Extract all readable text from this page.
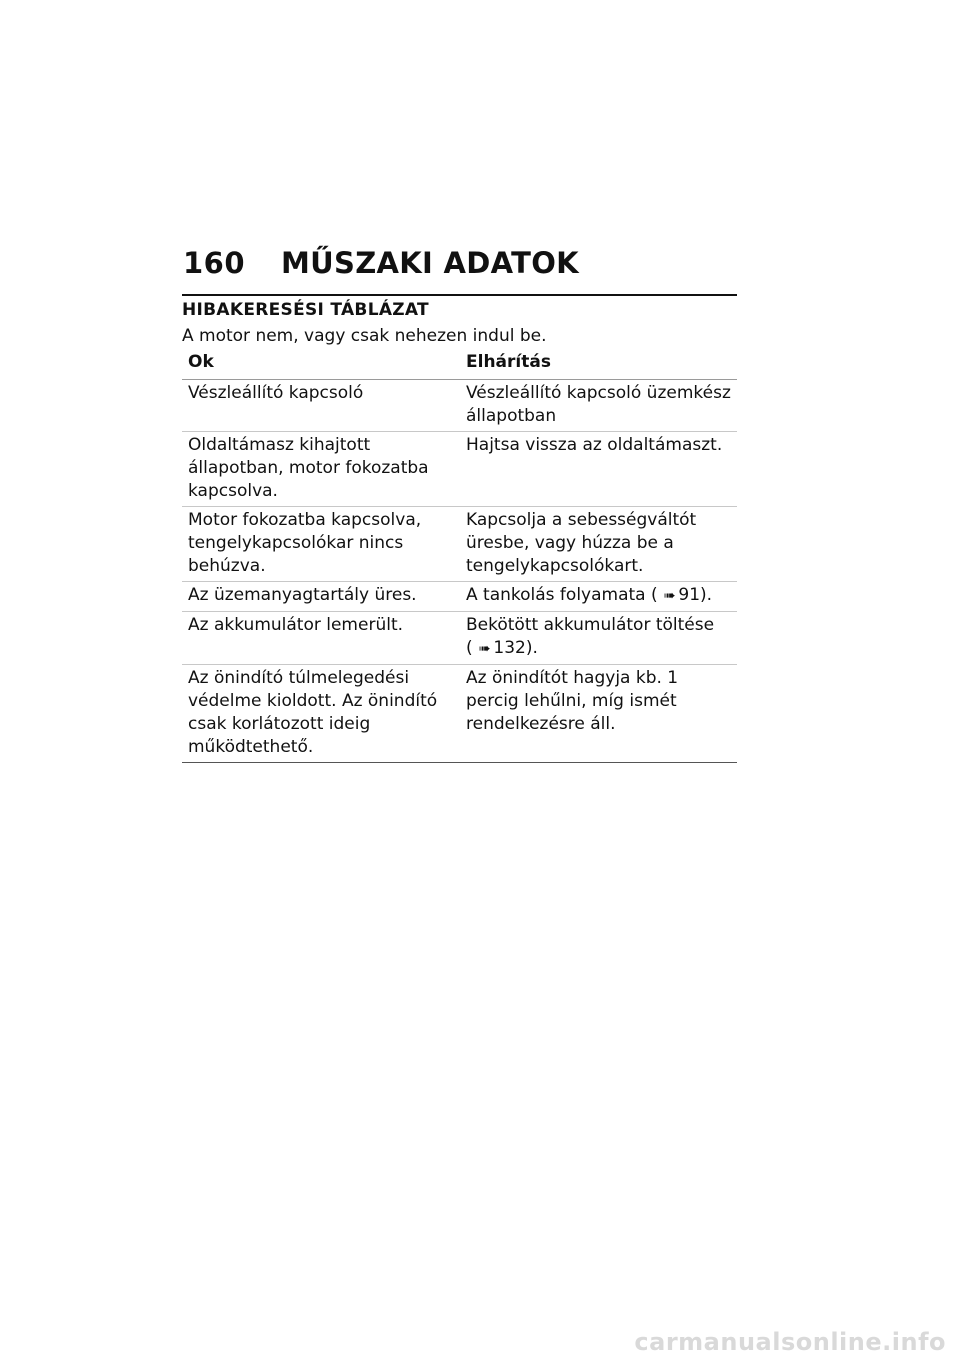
160	MŰSZAKI ADATOK
HIBAKERESÉSI TÁBLÁZAT
A motor nem, vagy csak nehezen indul be.
Ok	Elhárítás
Vészleállító kapcsoló	Vészleállító kapcsoló üzemkész állapotban
Oldaltámasz kihajtott állapotban, motor fokozatba kapcsolva.	Hajtsa vissza az oldaltámaszt.
Motor fokozatba kapcsolva, tengelykapcsolókar nincs behúzva.	Kapcsolja a sebességváltót üresbe, vagy húzza be a tengelykapcsolókart.
Az üzemanyagtartály üres.	A tankolás folyamata ( ➠ 91).
Az akkumulátor lemerült.	Bekötött akkumulátor töltése ( ➠ 132).
Az önindító túlmelegedési védelme kioldott. Az önindító csak korlátozott ideig működtethető.	Az önindítót hagyja kb. 1 percig lehűlni, míg ismét rendelkezésre áll.
carmanualsonline.info
